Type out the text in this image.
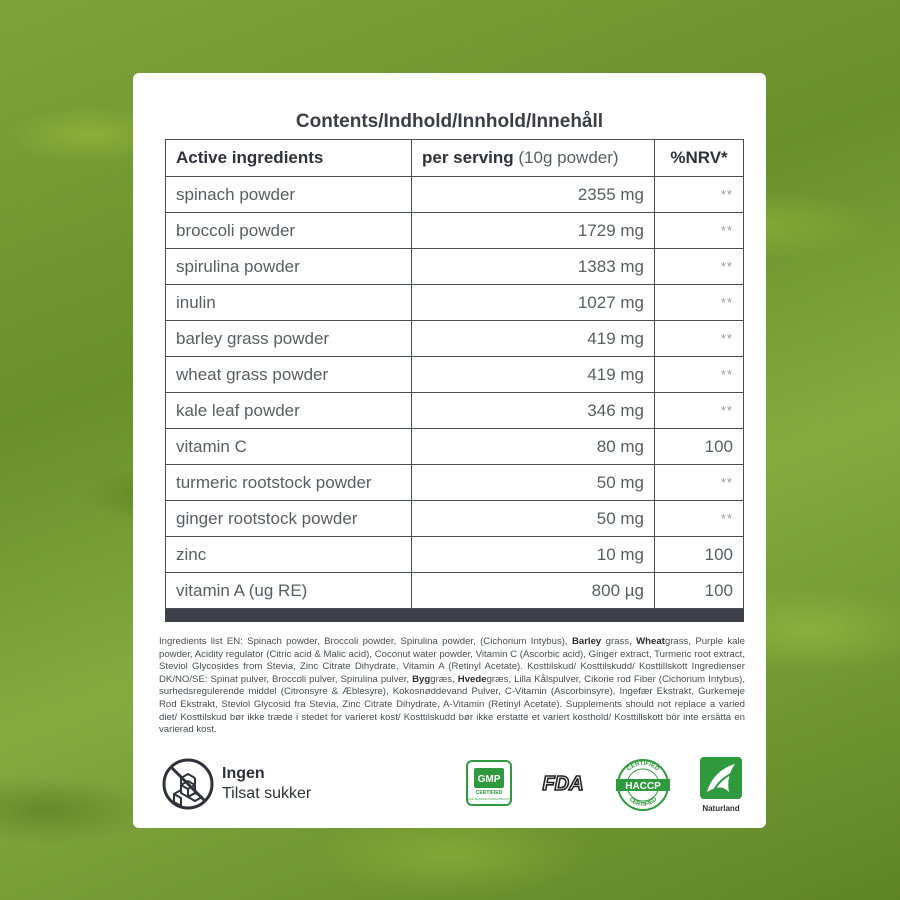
Contents/Indhold/Innhold/Innehåll
Active ingredients	per serving (10g powder)	%NRV*
spinach powder	2355 mg	**
broccoli powder	1729 mg	**
spirulina powder	1383 mg	**
inulin	1027 mg	**
barley grass powder	419 mg	**
wheat grass powder	419 mg	**
kale leaf powder	346 mg	**
vitamin C	80 mg	100
turmeric rootstock powder	50 mg	**
ginger rootstock powder	50 mg	**
zinc	10 mg	100
vitamin A (ug RE)	800 µg	100

Ingredients list EN: Spinach powder, Broccoli powder, Spirulina powder, (Cichorium Intybus), Barley grass, Wheatgrass, Purple kale powder, Acidity regulator (Citric acid & Malic acid), Coconut water powder, Vitamin C (Ascorbic acid), Ginger extract, Turmeric root extract, Steviol Glycosides from Stevia, Zinc Citrate Dihydrate, Vitamin A (Retinyl Acetate). Kosttilskud/ Kosttilskudd/ Kosttillskott Ingredienser DK/NO/SE: Spinat pulver, Broccoli pulver, Spirulina pulver, Byggræs, Hvedegræs, Lilla Kålspulver, Cikorie rod Fiber (Cichorium Intybus), surhedsregulerende middel (Citronsyre & Æblesyre), Kokosnøddevand Pulver, C-Vitamin (Ascorbinsyre), Ingefær Ekstrakt, Gurkemeje Rod Ekstrakt, Steviol Glycosid fra Stevia, Zinc Citrate Dihydrate, A-Vitamin (Retinyl Acetate). Supplements should not replace a varied diet/ Kosttilskud bør ikke træde i stedet for varieret kost/ Kosttilskudd bør ikke erstatte et variert kosthold/ Kosttillskott bör inte ersätta en varierad kost.
Ingen
Tilsat sukker
GMP
CERTIFIED
GOOD MANUFACTURING PRACTICE
FDA
CERTIFIED
CERTIFIED
HACCP
Naturland
